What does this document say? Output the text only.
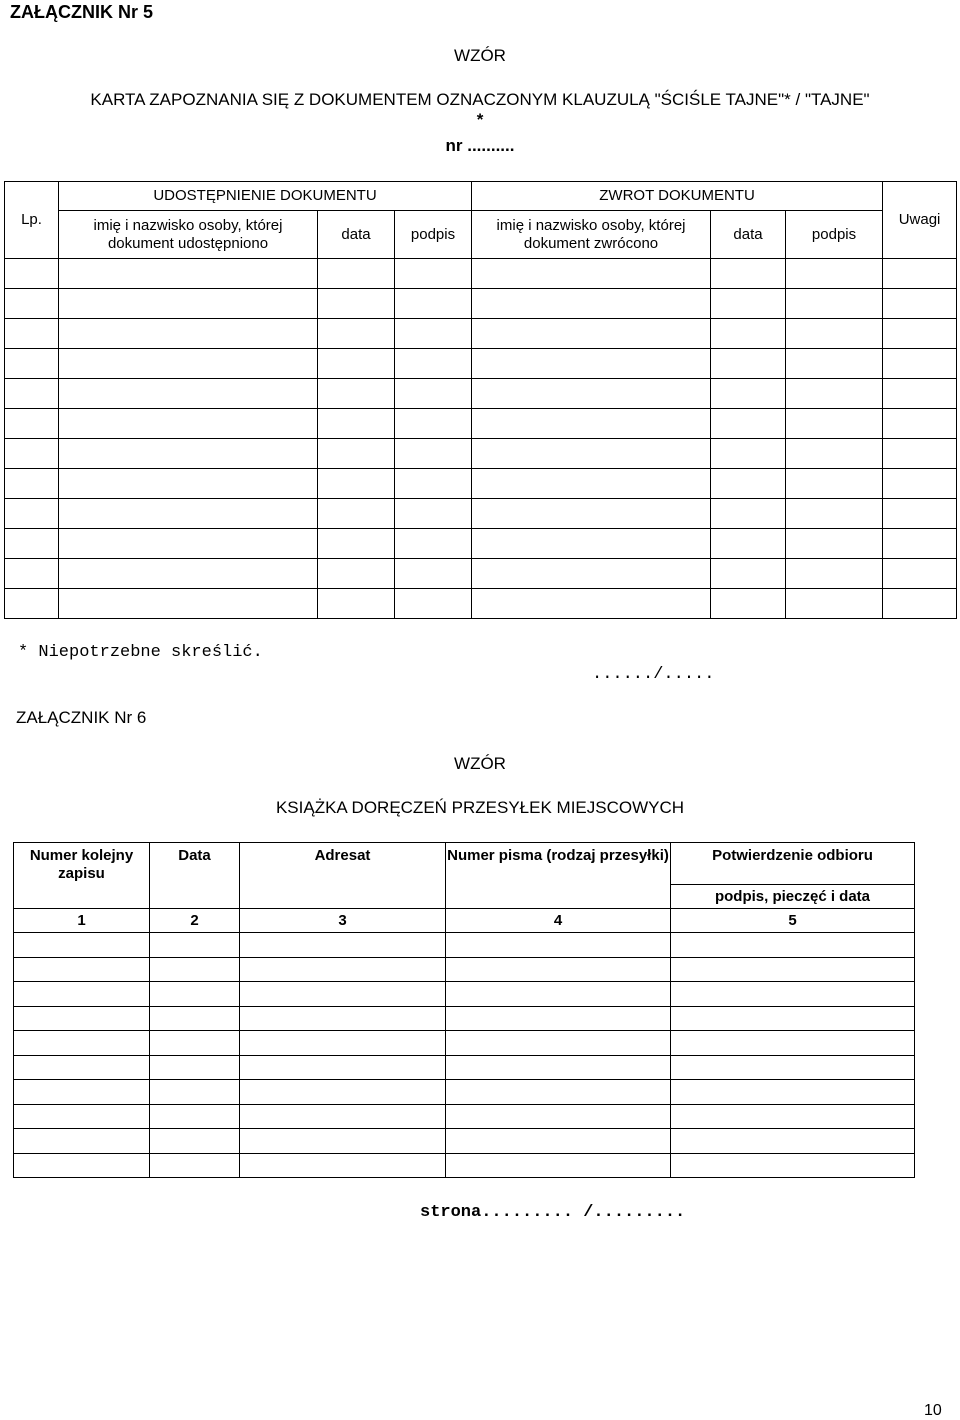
ZAŁĄCZNIK Nr 5
WZÓR
KARTA ZAPOZNANIA SIĘ Z DOKUMENTEM OZNACZONYM KLAUZULĄ "ŚCIŚLE TAJNE"* / "TAJNE"
*
nr ..........
Lp.	UDOSTĘPNIENIE DOKUMENTU			ZWROT DOKUMENTU			Uwagi
	imię i nazwisko osoby, której dokument udostępniono	data	podpis	imię i nazwisko osoby, której dokument zwrócono	data	podpis	

* Niepotrzebne skreślić.
....../.....
ZAŁĄCZNIK Nr 6
WZÓR
KSIĄŻKA DORĘCZEŃ PRZESYŁEK MIEJSCOWYCH
Numer kolejny zapisu	Data	Adresat	Numer pisma (rodzaj przesyłki)	Potwierdzenie odbioru
				podpis, pieczęć i data
1	2	3	4	5

strona......... /.........
10
